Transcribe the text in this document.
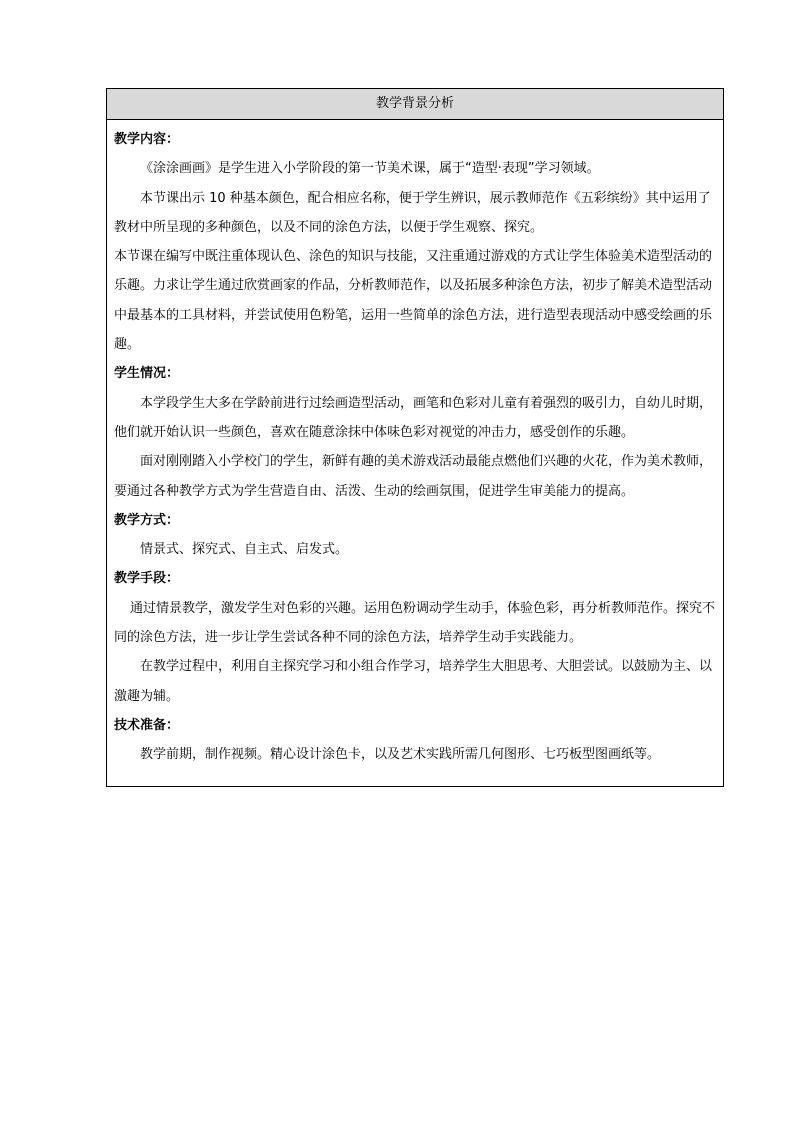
教学背景分析

教学内容：

《涂涂画画》是学生进入小学阶段的第一节美术课，属于“造型·表现”学习领域。

本节课出示 10 种基本颜色，配合相应名称，便于学生辨识，展示教师范作《五彩缤纷》其中运用了教材中所呈现的多种颜色，以及不同的涂色方法，以便于学生观察、探究。

本节课在编写中既注重体现认色、涂色的知识与技能，又注重通过游戏的方式让学生体验美术造型活动的乐趣。力求让学生通过欣赏画家的作品，分析教师范作，以及拓展多种涂色方法，初步了解美术造型活动中最基本的工具材料，并尝试使用色粉笔，运用一些简单的涂色方法，进行造型表现活动中感受绘画的乐趣。

学生情况：

本学段学生大多在学龄前进行过绘画造型活动，画笔和色彩对儿童有着强烈的吸引力，自幼儿时期，他们就开始认识一些颜色，喜欢在随意涂抹中体味色彩对视觉的冲击力，感受创作的乐趣。

面对刚刚踏入小学校门的学生，新鲜有趣的美术游戏活动最能点燃他们兴趣的火花，作为美术教师，要通过各种教学方式为学生营造自由、活泼、生动的绘画氛围，促进学生审美能力的提高。

教学方式：

情景式、探究式、自主式、启发式。

教学手段：

通过情景教学，激发学生对色彩的兴趣。运用色粉调动学生动手，体验色彩，再分析教师范作。探究不同的涂色方法，进一步让学生尝试各种不同的涂色方法，培养学生动手实践能力。

在教学过程中，利用自主探究学习和小组合作学习，培养学生大胆思考、大胆尝试。以鼓励为主、以激趣为辅。

技术准备：

教学前期，制作视频。精心设计涂色卡，以及艺术实践所需几何图形、七巧板型图画纸等。
